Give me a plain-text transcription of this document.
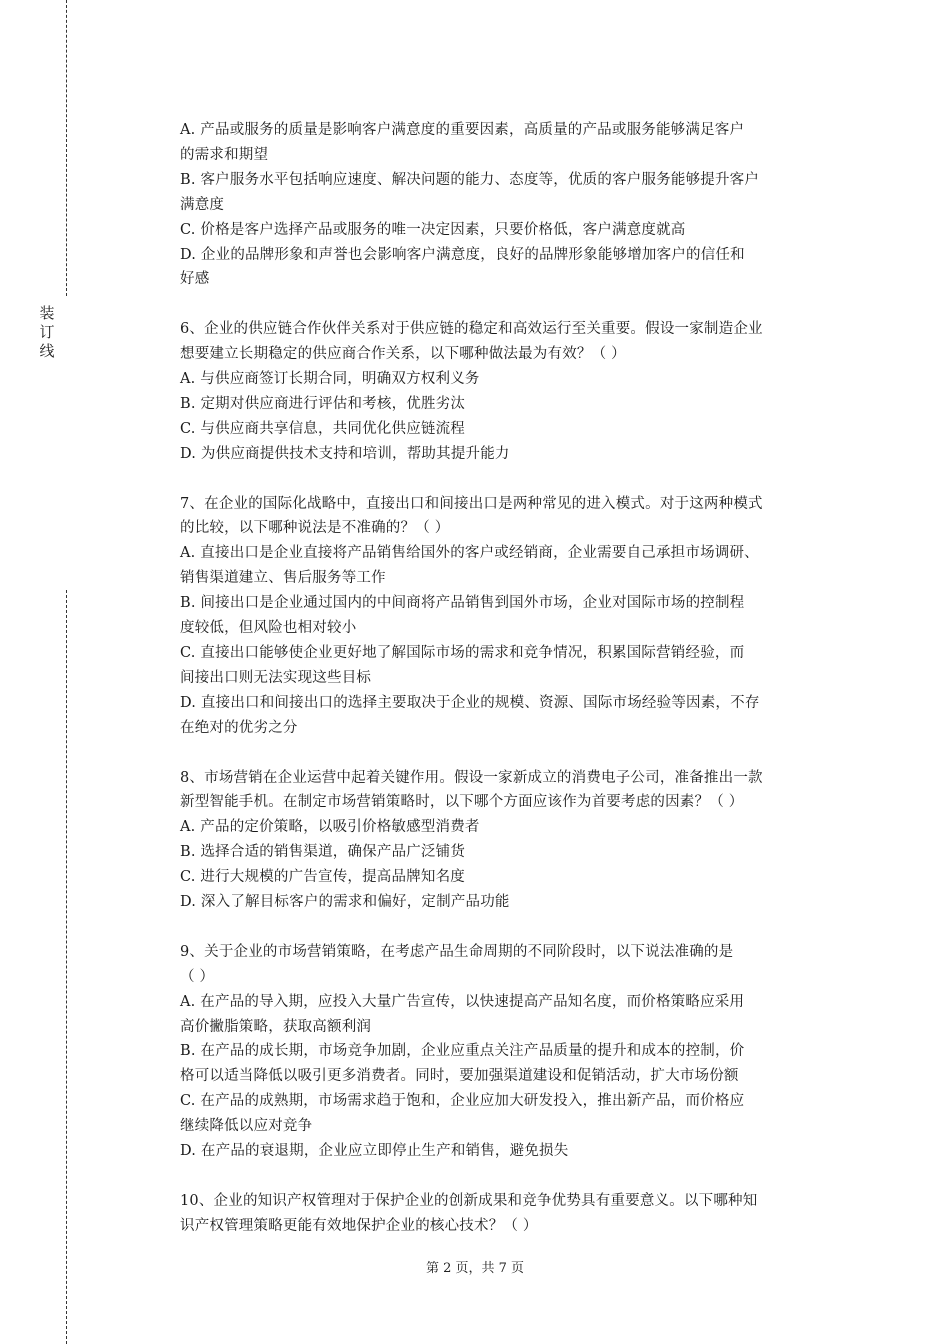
装
订
线
A. 产品或服务的质量是影响客户满意度的重要因素，高质量的产品或服务能够满足客户
的需求和期望
B. 客户服务水平包括响应速度、解决问题的能力、态度等，优质的客户服务能够提升客户
满意度
C. 价格是客户选择产品或服务的唯一决定因素，只要价格低，客户满意度就高
D. 企业的品牌形象和声誉也会影响客户满意度，良好的品牌形象能够增加客户的信任和
好感
6、企业的供应链合作伙伴关系对于供应链的稳定和高效运行至关重要。假设一家制造企业
想要建立长期稳定的供应商合作关系，以下哪种做法最为有效？（ ）
A. 与供应商签订长期合同，明确双方权利义务
B. 定期对供应商进行评估和考核，优胜劣汰
C. 与供应商共享信息，共同优化供应链流程
D. 为供应商提供技术支持和培训，帮助其提升能力
7、在企业的国际化战略中，直接出口和间接出口是两种常见的进入模式。对于这两种模式
的比较，以下哪种说法是不准确的？（ ）
A. 直接出口是企业直接将产品销售给国外的客户或经销商，企业需要自己承担市场调研、
销售渠道建立、售后服务等工作
B. 间接出口是企业通过国内的中间商将产品销售到国外市场，企业对国际市场的控制程
度较低，但风险也相对较小
C. 直接出口能够使企业更好地了解国际市场的需求和竞争情况，积累国际营销经验，而
间接出口则无法实现这些目标
D. 直接出口和间接出口的选择主要取决于企业的规模、资源、国际市场经验等因素，不存
在绝对的优劣之分
8、市场营销在企业运营中起着关键作用。假设一家新成立的消费电子公司，准备推出一款
新型智能手机。在制定市场营销策略时，以下哪个方面应该作为首要考虑的因素？（ ）
A. 产品的定价策略，以吸引价格敏感型消费者
B. 选择合适的销售渠道，确保产品广泛铺货
C. 进行大规模的广告宣传，提高品牌知名度
D. 深入了解目标客户的需求和偏好，定制产品功能
9、关于企业的市场营销策略，在考虑产品生命周期的不同阶段时，以下说法准确的是
（ ）
A. 在产品的导入期，应投入大量广告宣传，以快速提高产品知名度，而价格策略应采用
高价撇脂策略，获取高额利润
B. 在产品的成长期，市场竞争加剧，企业应重点关注产品质量的提升和成本的控制，价
格可以适当降低以吸引更多消费者。同时，要加强渠道建设和促销活动，扩大市场份额
C. 在产品的成熟期，市场需求趋于饱和，企业应加大研发投入，推出新产品，而价格应
继续降低以应对竞争
D. 在产品的衰退期，企业应立即停止生产和销售，避免损失
10、企业的知识产权管理对于保护企业的创新成果和竞争优势具有重要意义。以下哪种知
识产权管理策略更能有效地保护企业的核心技术？（ ）
第 2 页，共 7 页
